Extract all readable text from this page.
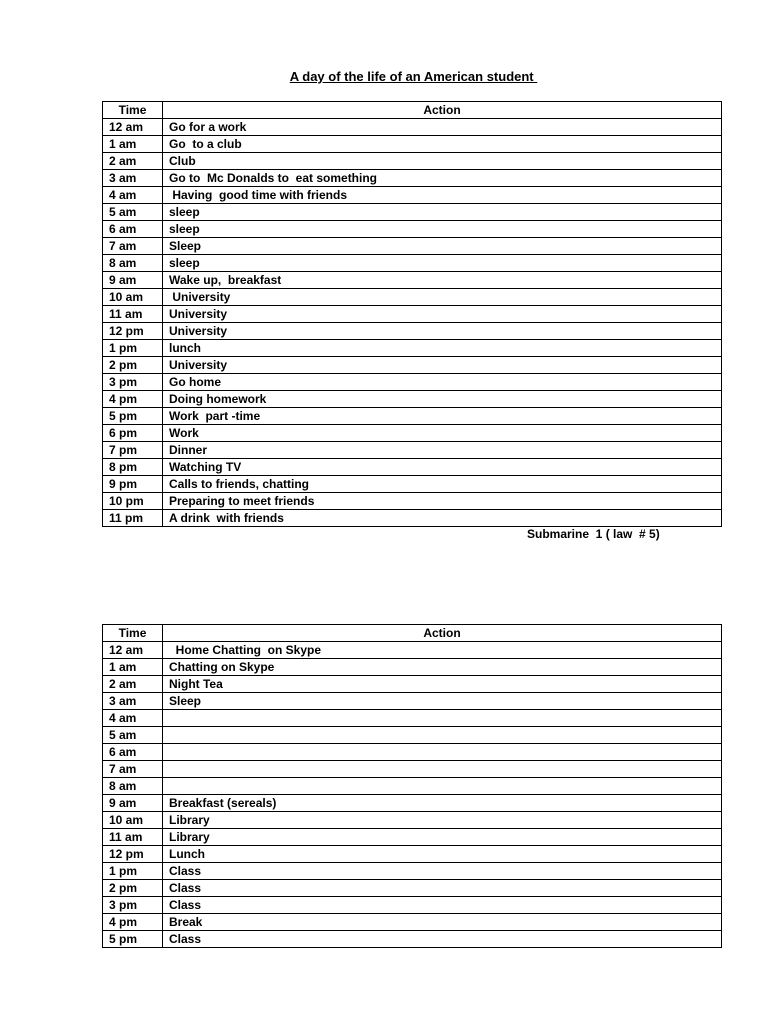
A day of the life of an American student
Time	Action
12 am	Go for a work
1 am	Go  to a club
2 am	Club
3 am	Go to  Mc Donalds to  eat something
4 am	Having  good time with friends
5 am	sleep
6 am	sleep
7 am	Sleep
8 am	sleep
9 am	Wake up,  breakfast
10 am	University
11 am	University
12 pm	University
1 pm	lunch
2 pm	University
3 pm	Go home
4 pm	Doing homework
5 pm	Work  part -time
6 pm	Work
7 pm	Dinner
8 pm	Watching TV
9 pm	Calls to friends, chatting
10 pm	Preparing to meet friends
11 pm	A drink  with friends
Submarine  1 ( law  # 5)
Time	Action
12 am	Home Chatting  on Skype
1 am	Chatting on Skype
2 am	Night Tea
3 am	Sleep
4 am	
5 am	
6 am	
7 am	
8 am	
9 am	Breakfast (sereals)
10 am	Library
11 am	Library
12 pm	Lunch
1 pm	Class
2 pm	Class
3 pm	Class
4 pm	Break
5 pm	Class
